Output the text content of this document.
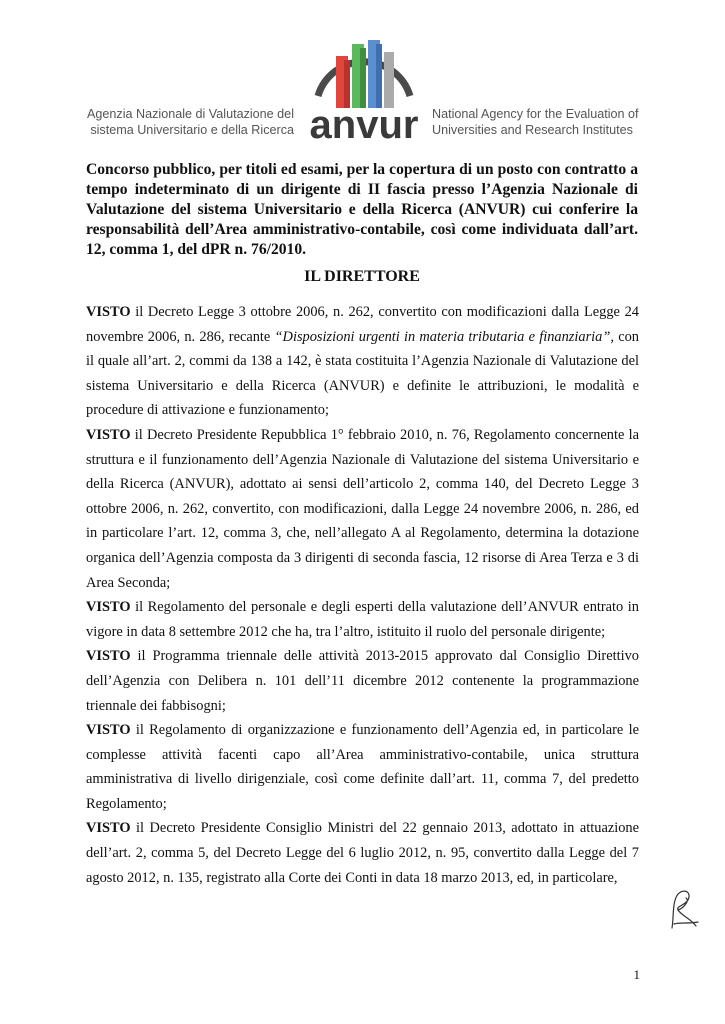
anvur
Agenzia Nazionale di Valutazione del
sistema Universitario e della Ricerca
National Agency for the Evaluation of
Universities and Research Institutes

Concorso pubblico, per titoli ed esami, per la copertura di un posto con contratto a tempo indeterminato di un dirigente di II fascia presso l’Agenzia Nazionale di Valutazione del sistema Universitario e della Ricerca (ANVUR) cui conferire la responsabilità dell’Area amministrativo-contabile, così come individuata dall’art. 12, comma 1, del dPR n. 76/2010.

IL DIRETTORE

VISTO il Decreto Legge 3 ottobre 2006, n. 262, convertito con modificazioni dalla Legge 24 novembre 2006, n. 286, recante “Disposizioni urgenti in materia tributaria e finanziaria”, con il quale all’art. 2, commi da 138 a 142, è stata costituita l’Agenzia Nazionale di Valutazione del sistema Universitario e della Ricerca (ANVUR) e definite le attribuzioni, le modalità e procedure di attivazione e funzionamento;

VISTO il Decreto Presidente Repubblica 1° febbraio 2010, n. 76, Regolamento concernente la struttura e il funzionamento dell’Agenzia Nazionale di Valutazione del sistema Universitario e della Ricerca (ANVUR), adottato ai sensi dell’articolo 2, comma 140, del Decreto Legge 3 ottobre 2006, n. 262, convertito, con modificazioni, dalla Legge 24 novembre 2006, n. 286, ed in particolare l’art. 12, comma 3, che, nell’allegato A al Regolamento, determina la dotazione organica dell’Agenzia composta da 3 dirigenti di seconda fascia, 12 risorse di Area Terza e 3 di Area Seconda;

VISTO il Regolamento del personale e degli esperti della valutazione dell’ANVUR entrato in vigore in data 8 settembre 2012 che ha, tra l’altro, istituito il ruolo del personale dirigente;

VISTO il Programma triennale delle attività 2013-2015 approvato dal Consiglio Direttivo dell’Agenzia con Delibera n. 101 dell’11 dicembre 2012 contenente la programmazione triennale dei fabbisogni;

VISTO il Regolamento di organizzazione e funzionamento dell’Agenzia ed, in particolare le complesse attività facenti capo all’Area amministrativo-contabile, unica struttura amministrativa di livello dirigenziale, così come definite dall’art. 11, comma 7, del predetto Regolamento;

VISTO il Decreto Presidente Consiglio Ministri del 22 gennaio 2013, adottato in attuazione dell’art. 2, comma 5, del Decreto Legge del 6 luglio 2012, n. 95, convertito dalla Legge del 7 agosto 2012, n. 135, registrato alla Corte dei Conti in data 18 marzo 2013, ed, in particolare,

1
